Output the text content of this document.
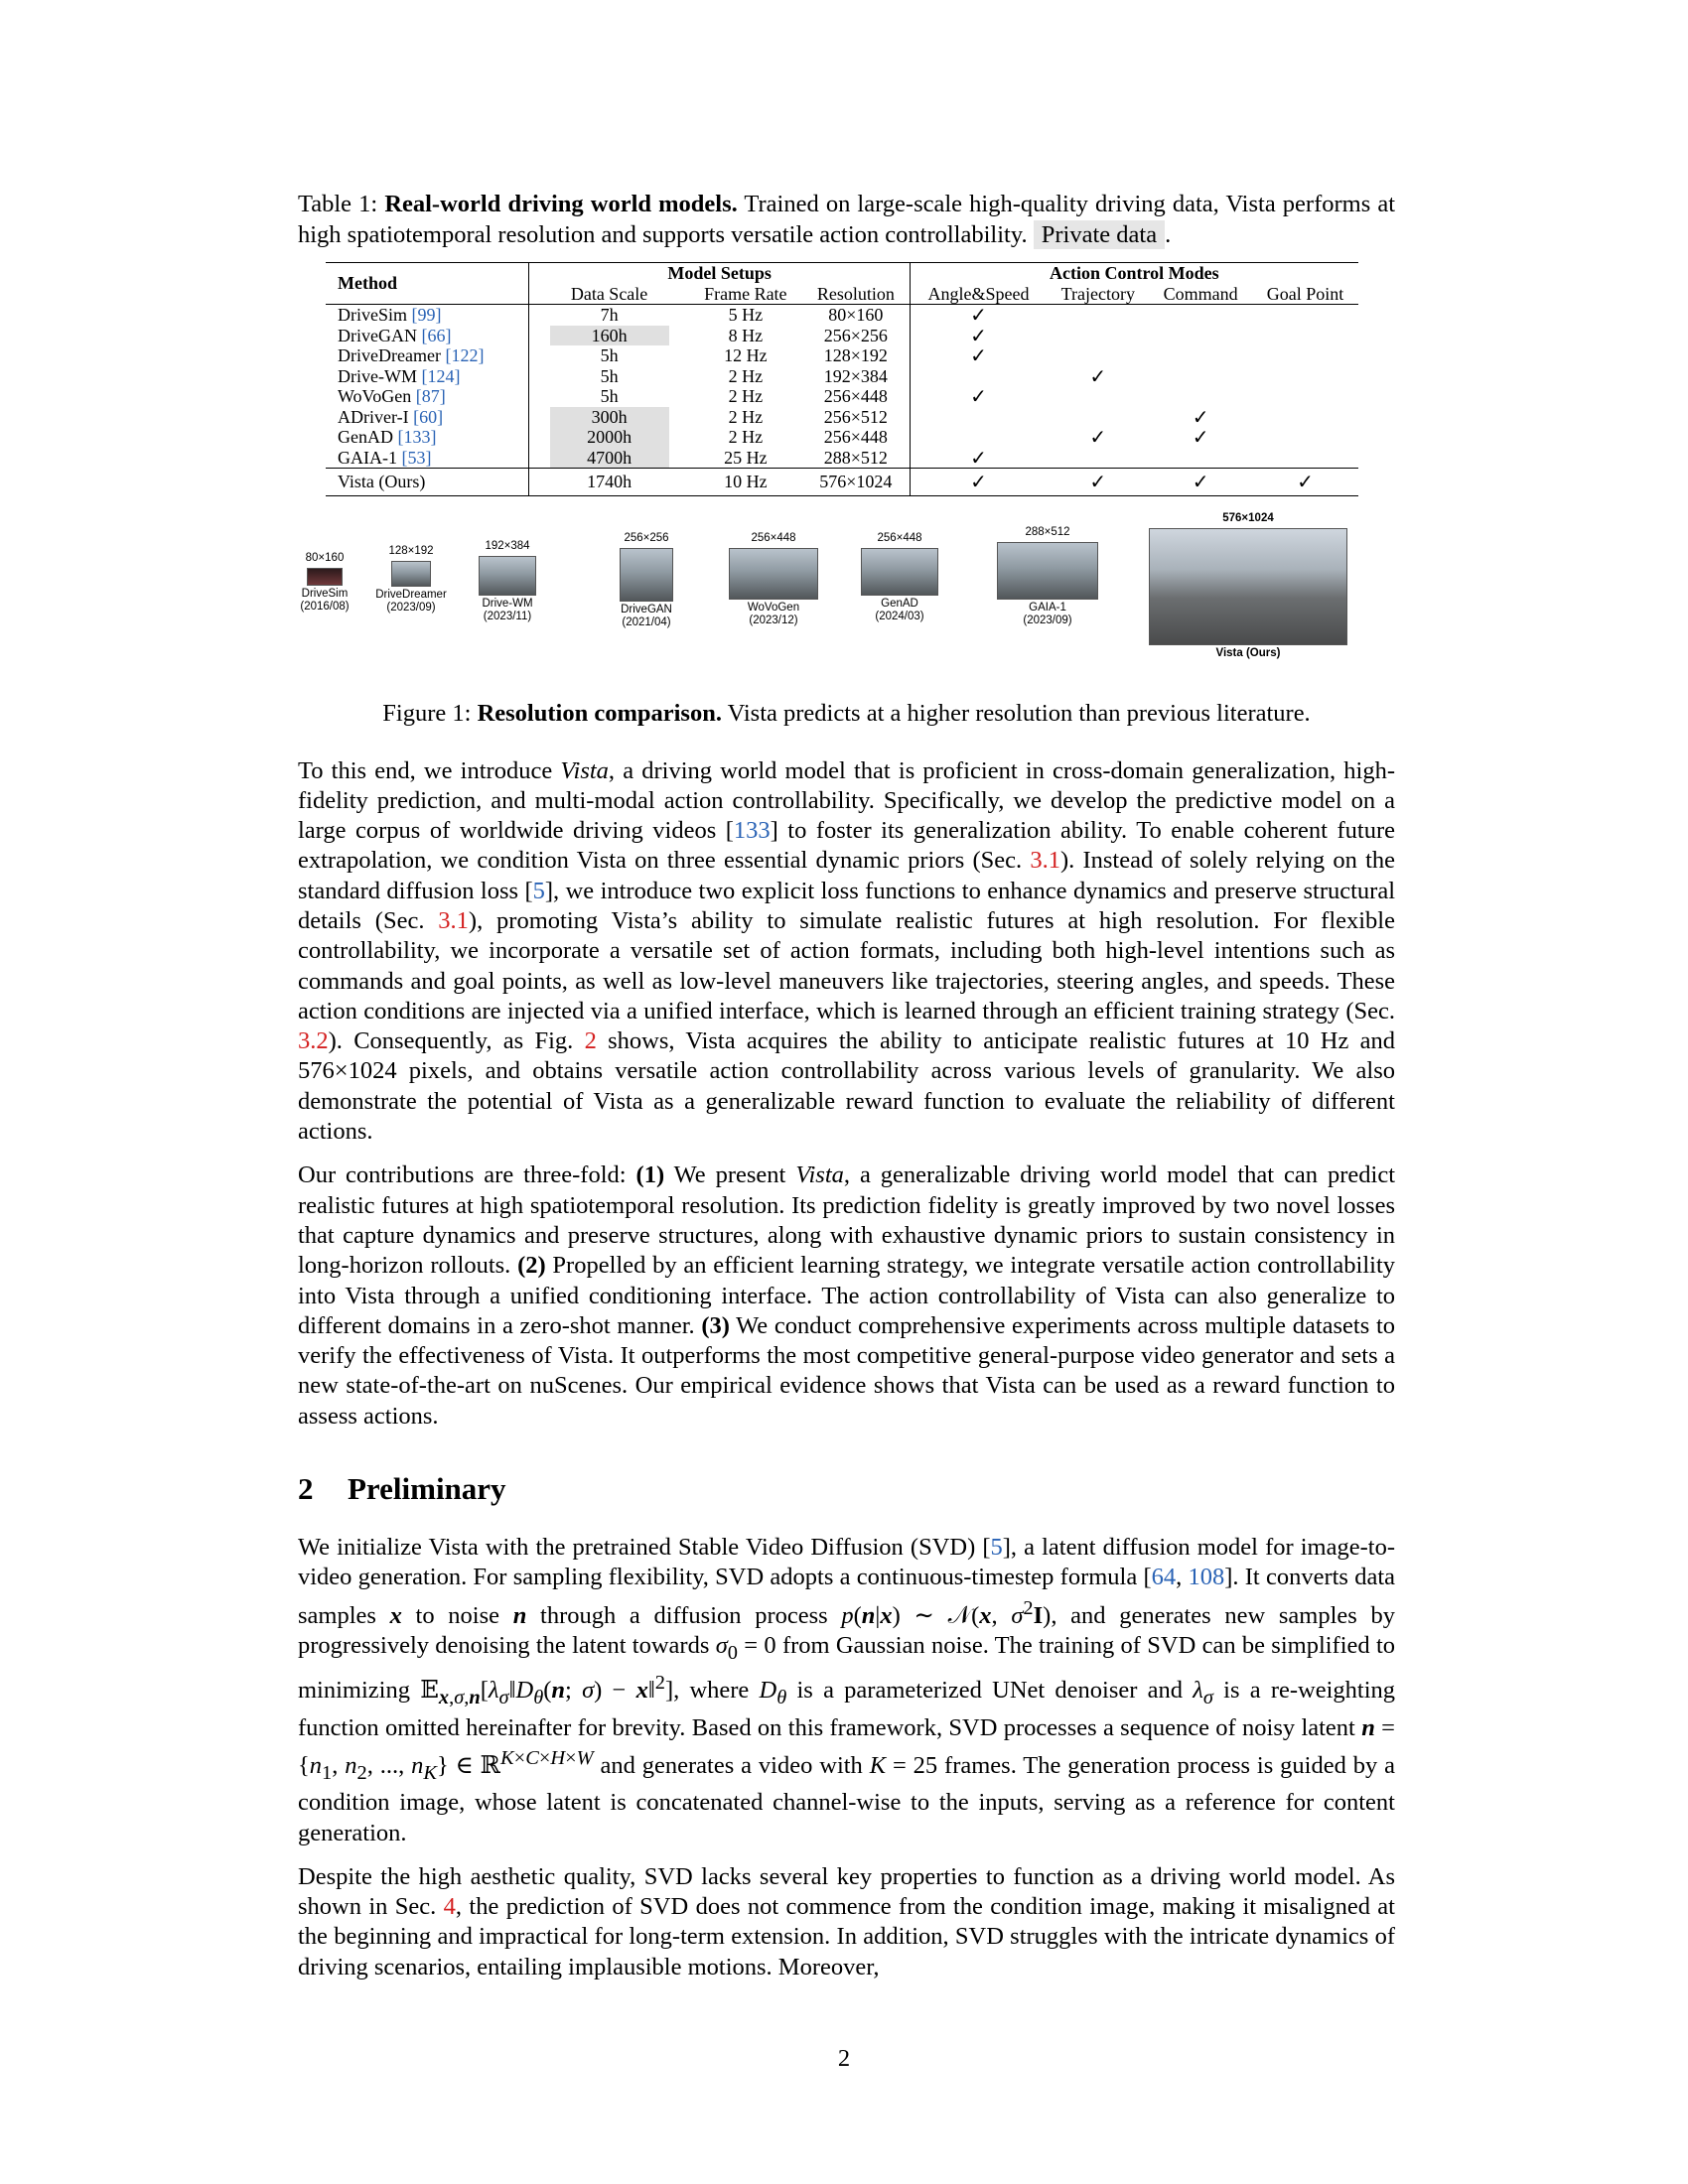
Table 1: Real-world driving world models. Trained on large-scale high-quality driving data, Vista performs at high spatiotemporal resolution and supports versatile action controllability. Private data .
Method	Model Setups			Action Control Modes			
	Data Scale	Frame Rate	Resolution	Angle&Speed	Trajectory	Command	Goal Point
DriveSim [99]	7h	5 Hz	80×160	✓			
DriveGAN [66]	160h	8 Hz	256×256	✓			
DriveDreamer [122]	5h	12 Hz	128×192	✓			
Drive-WM [124]	5h	2 Hz	192×384		✓		
WoVoGen [87]	5h	2 Hz	256×448	✓			
ADriver-I [60]	300h	2 Hz	256×512			✓	
GenAD [133]	2000h	2 Hz	256×448		✓	✓	
GAIA-1 [53]	4700h	25 Hz	288×512	✓			
Vista (Ours)	1740h	10 Hz	576×1024	✓	✓	✓	✓
80×160
DriveSim
(2016/08)
128×192
DriveDreamer
(2023/09)
192×384
Drive-WM
(2023/11)
256×256
DriveGAN
(2021/04)
256×448
WoVoGen
(2023/12)
256×448
GenAD
(2024/03)
288×512
GAIA-1
(2023/09)
576×1024
Vista (Ours)

Figure 1: Resolution comparison. Vista predicts at a higher resolution than previous literature.

To this end, we introduce Vista, a driving world model that is proficient in cross-domain generalization, high-fidelity prediction, and multi-modal action controllability. Specifically, we develop the predictive model on a large corpus of worldwide driving videos [133] to foster its generalization ability. To enable coherent future extrapolation, we condition Vista on three essential dynamic priors (Sec. 3.1). Instead of solely relying on the standard diffusion loss [5], we introduce two explicit loss functions to enhance dynamics and preserve structural details (Sec. 3.1), promoting Vista’s ability to simulate realistic futures at high resolution. For flexible controllability, we incorporate a versatile set of action formats, including both high-level intentions such as commands and goal points, as well as low-level maneuvers like trajectories, steering angles, and speeds. These action conditions are injected via a unified interface, which is learned through an efficient training strategy (Sec. 3.2). Consequently, as Fig. 2 shows, Vista acquires the ability to anticipate realistic futures at 10 Hz and 576×1024 pixels, and obtains versatile action controllability across various levels of granularity. We also demonstrate the potential of Vista as a generalizable reward function to evaluate the reliability of different actions.

Our contributions are three-fold: (1) We present Vista, a generalizable driving world model that can predict realistic futures at high spatiotemporal resolution. Its prediction fidelity is greatly improved by two novel losses that capture dynamics and preserve structures, along with exhaustive dynamic priors to sustain consistency in long-horizon rollouts. (2) Propelled by an efficient learning strategy, we integrate versatile action controllability into Vista through a unified conditioning interface. The action controllability of Vista can also generalize to different domains in a zero-shot manner. (3) We conduct comprehensive experiments across multiple datasets to verify the effectiveness of Vista. It outperforms the most competitive general-purpose video generator and sets a new state-of-the-art on nuScenes. Our empirical evidence shows that Vista can be used as a reward function to assess actions.

2 Preliminary

We initialize Vista with the pretrained Stable Video Diffusion (SVD) [5], a latent diffusion model for image-to-video generation. For sampling flexibility, SVD adopts a continuous-timestep formula [64, 108]. It converts data samples x to noise n through a diffusion process p(n|x) ∼ 𝒩(x, $\sigma^2I$), and generates new samples by progressively denoising the latent towards $\sigma_0 = 0$ from Gaussian noise. The training of SVD can be simplified to minimizing $𝔼_{x,\sigma,n}[\lambda_\sigma‖D_\theta(n$; σ) − x‖$^2$], where $D_\theta$ is a parameterized UNet denoiser and $\lambda_\sigma$ is a re-weighting function omitted hereinafter for brevity. Based on this framework, SVD processes a sequence of noisy latent $n = \{n_1$, $n_2$, ..., $n_K$} ∈ ℝ$^{K\times C\times H\times W}$ and generates a video with K = 25 frames. The generation process is guided by a condition image, whose latent is concatenated channel-wise to the inputs, serving as a reference for content generation.

Despite the high aesthetic quality, SVD lacks several key properties to function as a driving world model. As shown in Sec. 4, the prediction of SVD does not commence from the condition image, making it misaligned at the beginning and impractical for long-term extension. In addition, SVD struggles with the intricate dynamics of driving scenarios, entailing implausible motions. Moreover,

2
